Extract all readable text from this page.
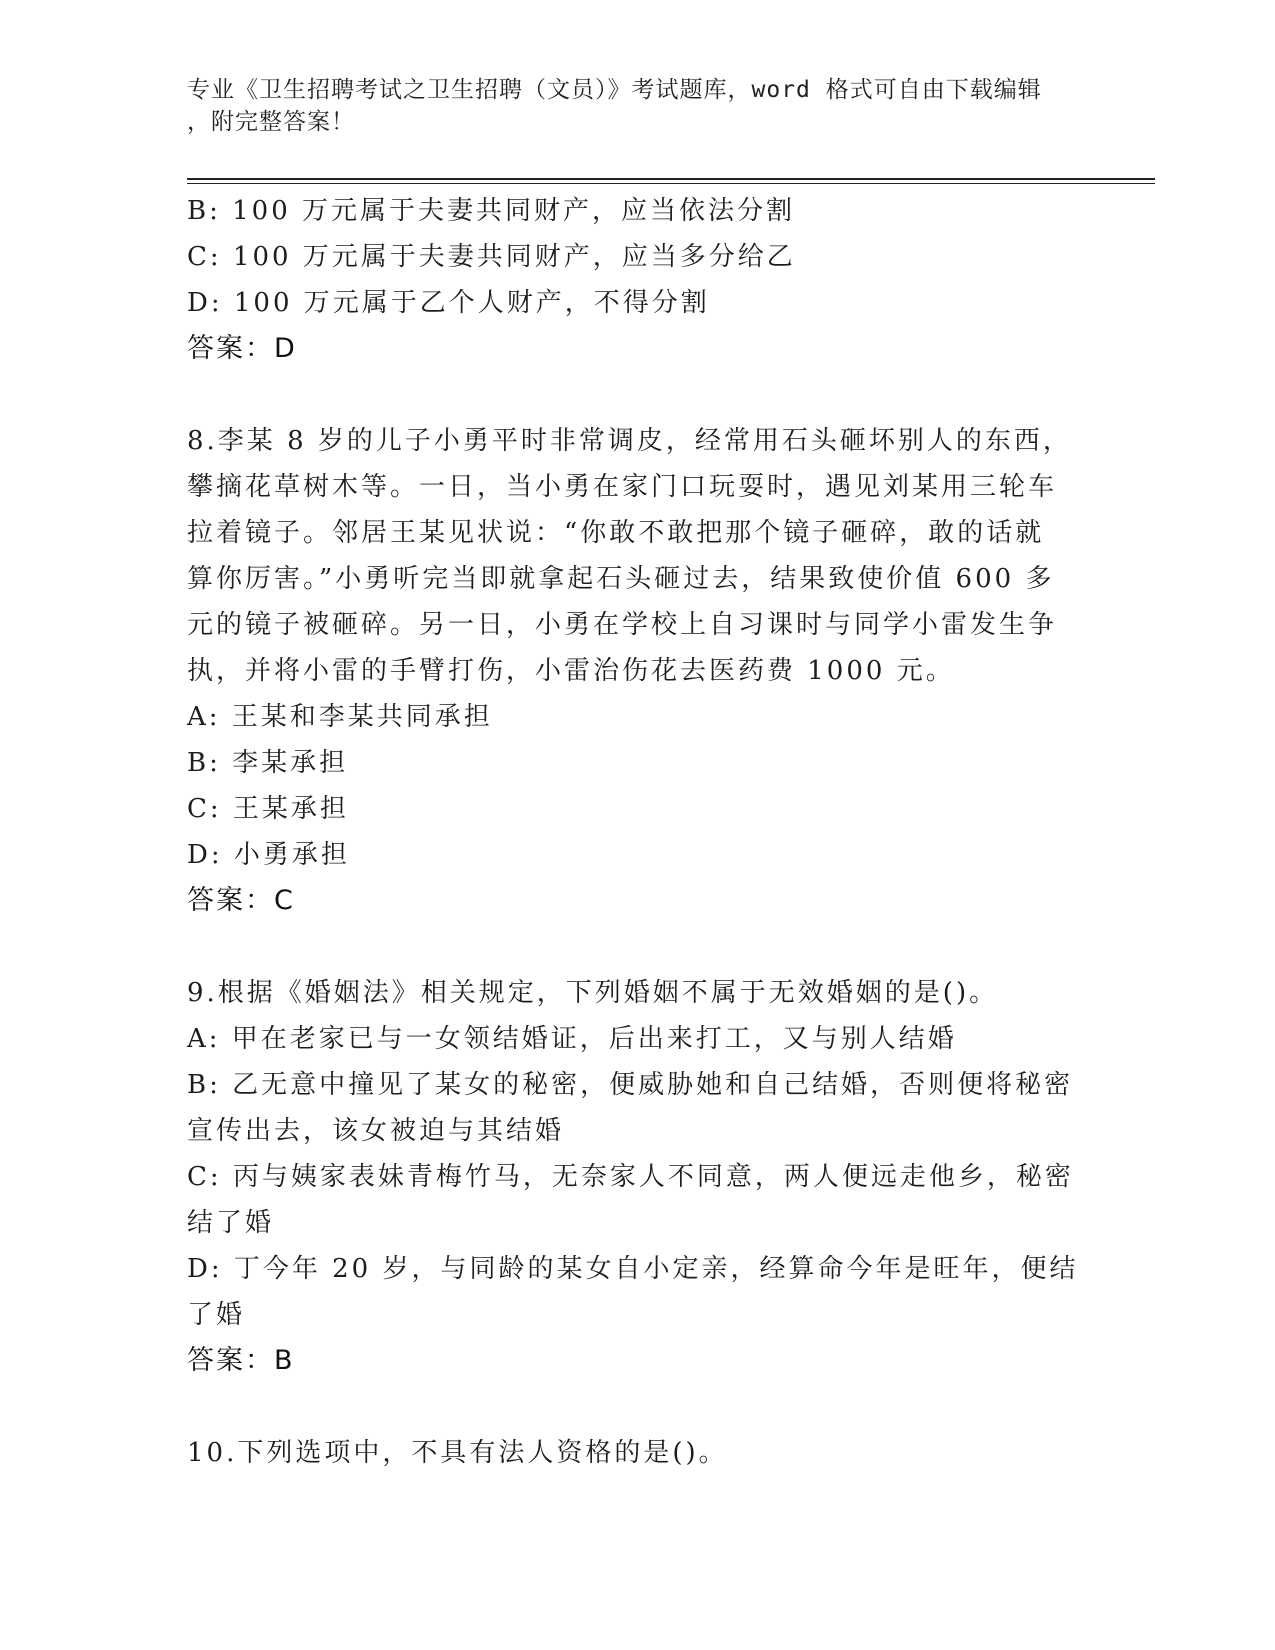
专业《卫生招聘考试之卫生招聘（文员）》考试题库，word 格式可自由下载编辑
，附完整答案！
B: 100 万元属于夫妻共同财产，应当依法分割
C: 100 万元属于夫妻共同财产，应当多分给乙
D: 100 万元属于乙个人财产，不得分割
答案：D
8.李某 8 岁的儿子小勇平时非常调皮，经常用石头砸坏别人的东西，
攀摘花草树木等。一日，当小勇在家门口玩耍时，遇见刘某用三轮车
拉着镜子。邻居王某见状说：“你敢不敢把那个镜子砸碎，敢的话就
算你厉害。”小勇听完当即就拿起石头砸过去，结果致使价值 600 多
元的镜子被砸碎。另一日，小勇在学校上自习课时与同学小雷发生争
执，并将小雷的手臂打伤，小雷治伤花去医药费 1000 元。
A: 王某和李某共同承担
B: 李某承担
C: 王某承担
D: 小勇承担
答案：C
9.根据《婚姻法》相关规定，下列婚姻不属于无效婚姻的是()。
A: 甲在老家已与一女领结婚证，后出来打工，又与别人结婚
B: 乙无意中撞见了某女的秘密，便威胁她和自己结婚，否则便将秘密
宣传出去，该女被迫与其结婚
C: 丙与姨家表妹青梅竹马，无奈家人不同意，两人便远走他乡，秘密
结了婚
D: 丁今年 20 岁，与同龄的某女自小定亲，经算命今年是旺年，便结
了婚
答案：B
10.下列选项中，不具有法人资格的是()。
